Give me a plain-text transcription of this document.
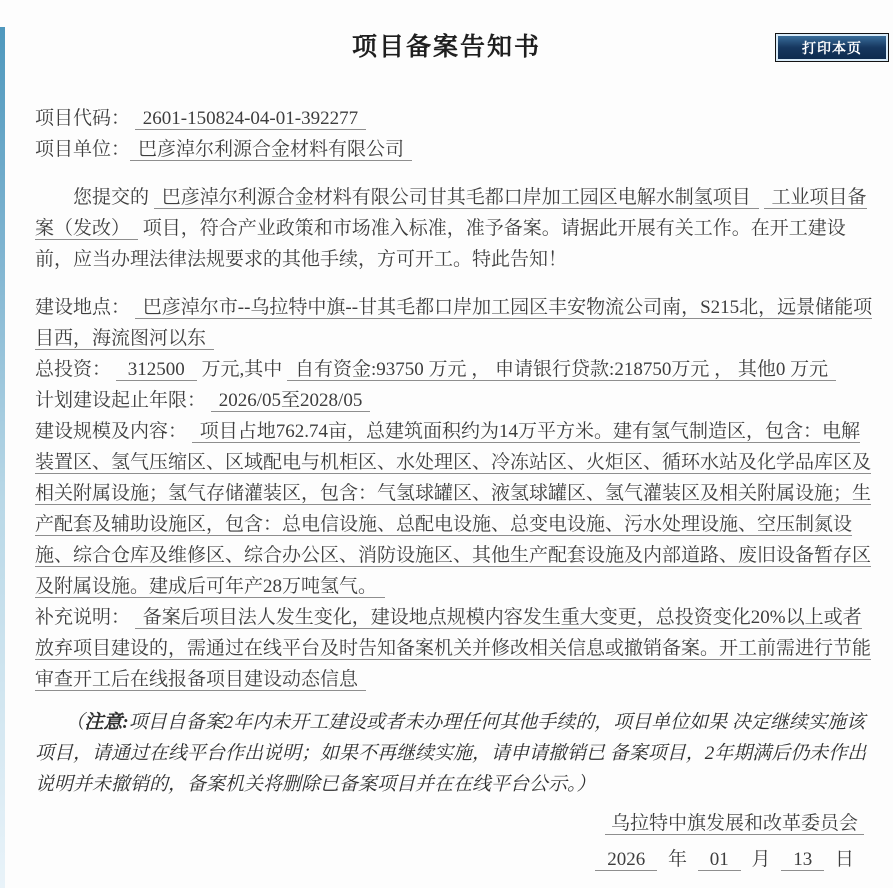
打印本页
项目备案告知书

项目代码： 2601-150824-04-01-392277

项目单位： 巴彦淖尔利源合金材料有限公司

您提交的 巴彦淖尔利源合金材料有限公司甘其毛都口岸加工园区电解水制氢项目 工业项目备案（发改） 项目，符合产业政策和市场准入标准，准予备案。请据此开展有关工作。在开工建设前，应当办理法律法规要求的其他手续，方可开工。特此告知！

建设地点： 巴彦淖尔市--乌拉特中旗--甘其毛都口岸加工园区丰安物流公司南，S215北，远景储能项目西，海流图河以东

总投资： 312500 万元,其中 自有资金:93750 万元 ， 申请银行贷款:218750万元 ， 其他0 万元

计划建设起止年限： 2026/05至2028/05

建设规模及内容： 项目占地762.74亩，总建筑面积约为14万平方米。建有氢气制造区，包含：电解装置区、氢气压缩区、区域配电与机柜区、水处理区、冷冻站区、火炬区、循环水站及化学品库区及相关附属设施；氢气存储灌装区，包含：气氢球罐区、液氢球罐区、氢气灌装区及相关附属设施；生产配套及辅助设施区，包含：总电信设施、总配电设施、总变电设施、污水处理设施、空压制氮设施、综合仓库及维修区、综合办公区、消防设施区、其他生产配套设施及内部道路、废旧设备暂存区及附属设施。建成后可年产28万吨氢气。

补充说明： 备案后项目法人发生变化，建设地点规模内容发生重大变更，总投资变化20%以上或者放弃项目建设的，需通过在线平台及时告知备案机关并修改相关信息或撤销备案。开工前需进行节能审查开工后在线报备项目建设动态信息

（注意:项目自备案2年内未开工建设或者未办理任何其他手续的，项目单位如果 决定继续实施该项目，请通过在线平台作出说明；如果不再继续实施，请申请撤销已 备案项目，2年期满后仍未作出说明并未撤销的，备案机关将删除已备案项目并在在线平台公示。）

乌拉特中旗发展和改革委员会

2026 年 01 月 13 日
